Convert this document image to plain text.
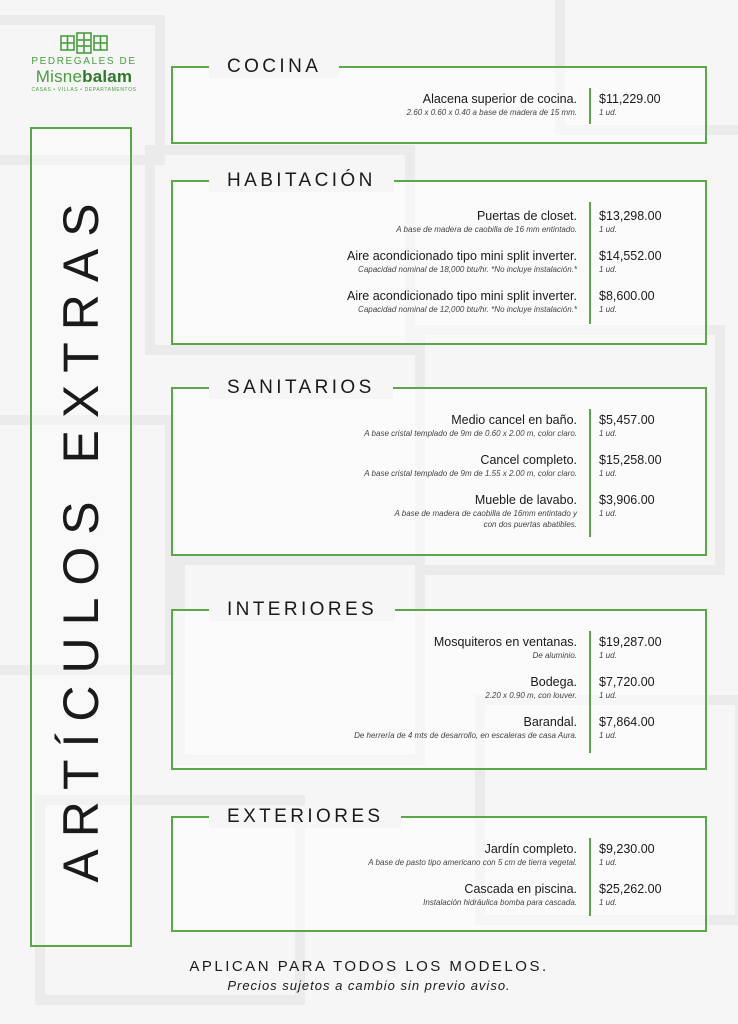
PEDREGALES DE
Misnebalam
CASAS • VILLAS • DEPARTAMENTOS
ARTÍCULOS EXTRAS
COCINA
Alacena superior de cocina.
2.60 x 0.60 x 0.40 a base de madera de 15 mm.
$11,229.00
1 ud.
HABITACIÓN
Puertas de closet.
A base de madera de caobilla de 16 mm entintado.
$13,298.00
1 ud.
Aire acondicionado tipo mini split inverter.
Capacidad nominal de 18,000 btu/hr. *No incluye instalación.*
$14,552.00
1 ud.
Aire acondicionado tipo mini split inverter.
Capacidad nominal de 12,000 btu/hr. *No incluye instalación.*
$8,600.00
1 ud.
SANITARIOS
Medio cancel en baño.
A base cristal templado de 9m de 0.60 x 2.00 m, color claro.
$5,457.00
1 ud.
Cancel completo.
A base cristal templado de 9m de 1.55 x 2.00 m, color claro.
$15,258.00
1 ud.
Mueble de lavabo.
A base de madera de caobilla de 16mm entintado y
con dos puertas abatibles.
$3,906.00
1 ud.
INTERIORES
Mosquiteros en ventanas.
De aluminio.
$19,287.00
1 ud.
Bodega.
2.20 x 0.90 m, con louver.
$7,720.00
1 ud.
Barandal.
De herrería de 4 mts de desarrollo, en escaleras de casa Aura.
$7,864.00
1 ud.
EXTERIORES
Jardín completo.
A base de pasto tipo americano con 5 cm de tierra vegetal.
$9,230.00
1 ud.
Cascada en piscina.
Instalación hidráulica bomba para cascada.
$25,262.00
1 ud.
APLICAN PARA TODOS LOS MODELOS.
Precios sujetos a cambio sin previo aviso.
